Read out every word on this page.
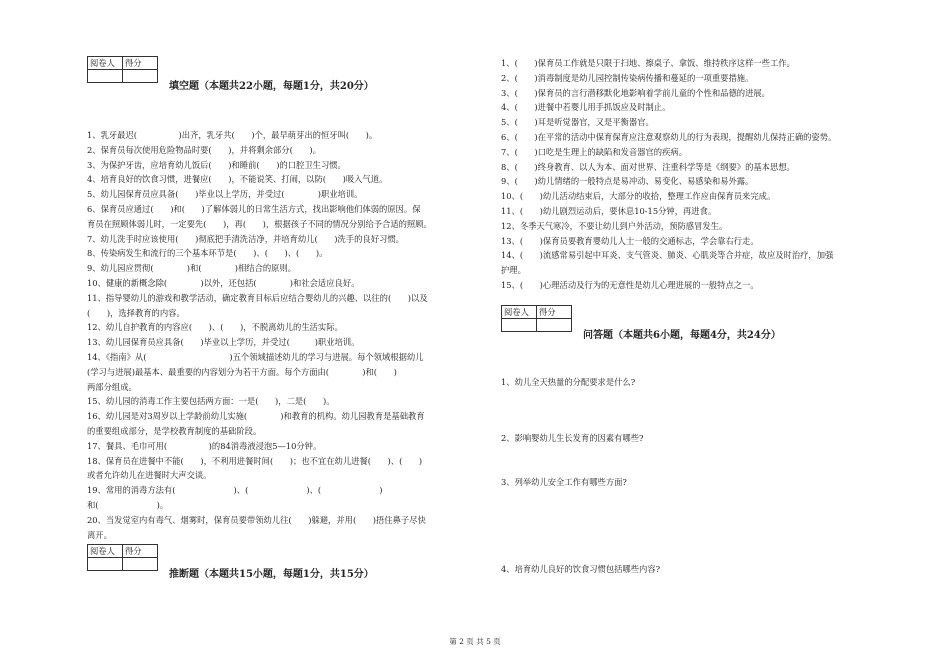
阅卷人	得分

填空题（本题共22小题，每题1分，共20分）
1、乳牙最迟(　　　　　)出齐，乳牙共(　　)个，最早萌芽出的恒牙叫(　　)。
2、保育员每次使用危险物品时要(　　)，并将剩余部分(　　)。
3、为保护牙齿，应培育幼儿饭后(　　)和睡前(　　)的口腔卫生习惯。
4、培育良好的饮食习惯，进餐应(　　)，不能说笑、打闹，以防(　　)吸入气道。
5、幼儿园保育员应具备(　　)毕业以上学历，并受过(　　　　)职业培训。
6、保育员应通过(　　)和(　　)了解体弱儿的日常生活方式，找出影响他们体弱的原因。保
育员在照顾体弱儿时，一定要先(　　)，再(　　)，根据孩子不同的情况分别给予合适的照顾。
7、幼儿洗手时应该使用(　　)彻底把手清洗洁净，并培育幼儿(　　)洗手的良好习惯。
8、传染病发生和流行的三个基本环节是(　　)、(　　)、(　　)。
9、幼儿园应贯彻(　　　　)和(　　　　)相结合的原则。
10、健康的新概念除(　　　　)以外，还包括(　　　　)和社会适应良好。
11、指导婴幼儿的游戏和教学活动，确定教育目标后应结合婴幼儿的兴趣、以往的(　　)以及
(　　)，选择教育的内容。
12、幼儿自护教育的内容应(　　)、(　　)，不脱离幼儿的生活实际。
13、幼儿园保育员应具备(　　)毕业以上学历，并受过(　　　)职业培训。
14、《指南》从(　　　　　　　　　　)五个领域描述幼儿的学习与进展。每个领域根据幼儿
(学习与进展)最基本、最重要的内容划分为若干方面。每个方面由(　　　　)和(　　)
两部分组成。
15、幼儿园的消毒工作主要包括两方面：一是(　　)，二是(　　)。
16、幼儿园是对3周岁以上学龄前幼儿实施(　　　　)和教育的机构。幼儿园教育是基础教育
的重要组成部分，是学校教育制度的基础阶段。
17、餐具、毛巾可用(　　　　　)的84消毒液浸泡5—10分钟。
18、保育员在进餐中不能(　　)，不利用进餐时间(　　)；也不宜在幼儿进餐(　　)、(　　)
或者允许幼儿在进餐时大声交谈。
19、常用的消毒方法有(　　　　　　　)、(　　　　　　　)、(　　　　　　　)
和(　　　　　　　)。
20、当发觉室内有毒气、烟雾时，保育员要带领幼儿往(　　)躲避，并用(　　)捂住鼻子尽快
离开。
阅卷人	得分

推断题（本题共15小题，每题1分，共15分）
1、(　　)保育员工作就是只限于扫地、擦桌子、拿饭、维持秩序这样一些工作。
2、(　　)消毒制度是幼儿园控制传染病传播和蔓延的一项重要措施。
3、(　　)保育员的言行潜移默化地影响着学前儿童的个性和品德的进展。
4、(　　)进餐中若婴儿用手抓饭应及时制止。
5、(　　)耳是听觉器官，又是平衡器官。
6、(　　)在平常的活动中保育保育应注意观察幼儿的行为表现，提醒幼儿保持正确的姿势。
7、(　　)口吃是生理上的缺陷和发音器官的疾病。
8、(　　)终身教育、以人为本、面对世界、注重科学等是《纲要》的基本思想。
9、(　　)幼儿情绪的一般特点是易冲动、易变化、易感染和易外露。
10、(　　)幼儿活动结束后，大部分的收拾，整理工作应由保育员来完成。
11、(　　)幼儿剧烈运动后，要休息10-15分钟，再进食。
12、冬季天气寒冷，不要让幼儿到户外活动，预防感冒发生。
13、(　　)保育员要教育婴幼儿人士一般的交通标志，学会靠右行走。
14、(　　)流感常易引起中耳炎、支气管炎、肺炎、心肌炎等合并症，故应及时治疗，加强
护理。
15、(　　)心理活动及行为的无意性是幼儿心理进展的一般特点之一。
阅卷人	得分

问答题（本题共6小题，每题4分，共24分）
1、幼儿全天热量的分配要求是什么?
2、影响婴幼儿生长发育的因素有哪些?
3、列举幼儿安全工作有哪些方面?
4、培育幼儿良好的饮食习惯包括哪些内容?
第 2 页 共 5 页
